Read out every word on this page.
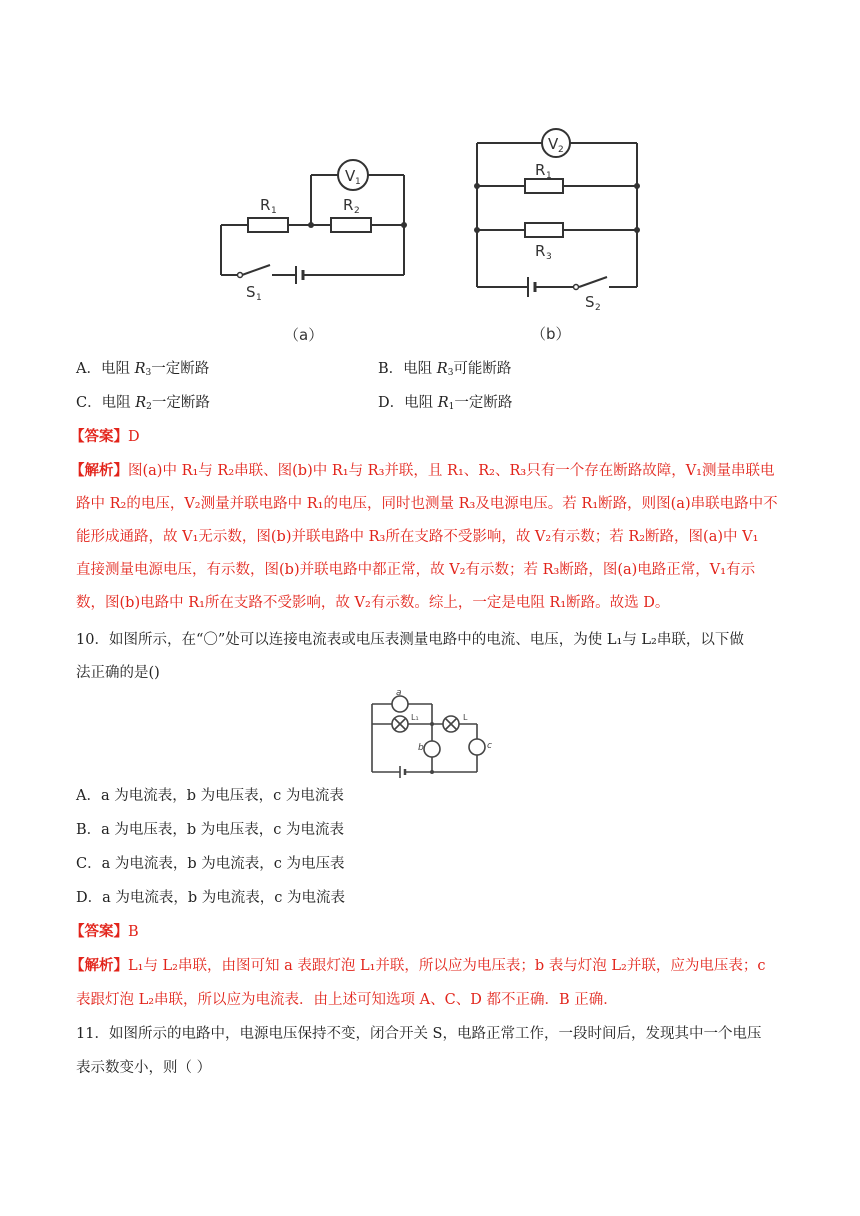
V 1
R 1	R 2
S 1
（a）
V 2
R 1
R 3
S 2
（b）
A．电阻 $R_3$一定断路	B．电阻 $R_3$可能断路
C．电阻 $R_2$一定断路	D．电阻 $R_1$一定断路
【答案】D
【解析】图(a)中 R₁与 R₂串联、图(b)中 R₁与 R₃并联，且 R₁、R₂、R₃只有一个存在断路故障，V₁测量串联电
路中 R₂的电压，V₂测量并联电路中 R₁的电压，同时也测量 R₃及电源电压。若 R₁断路，则图(a)串联电路中不
能形成通路，故 V₁无示数，图(b)并联电路中 R₃所在支路不受影响，故 V₂有示数；若 R₂断路，图(a)中 V₁
直接测量电源电压，有示数，图(b)并联电路中都正常，故 V₂有示数；若 R₃断路，图(a)电路正常，V₁有示
数，图(b)电路中 R₁所在支路不受影响，故 V₂有示数。综上，一定是电阻 R₁断路。故选 D。
10．如图所示，在“〇”处可以连接电流表或电压表测量电路中的电流、电压，为使 L₁与 L₂串联，以下做
法正确的是()
a
L₁	L
b	c
A．a 为电流表，b 为电压表，c 为电流表
B．a 为电压表，b 为电压表，c 为电流表
C．a 为电流表，b 为电流表，c 为电压表
D．a 为电流表，b 为电流表，c 为电流表
【答案】B
【解析】L₁与 L₂串联，由图可知 a 表跟灯泡 L₁并联，所以应为电压表；b 表与灯泡 L₂并联，应为电压表；c
表跟灯泡 L₂串联，所以应为电流表．由上述可知选项 A、C、D 都不正确．B 正确．
11．如图所示的电路中，电源电压保持不变，闭合开关 S，电路正常工作，一段时间后，发现其中一个电压
表示数变小，则（ ）
